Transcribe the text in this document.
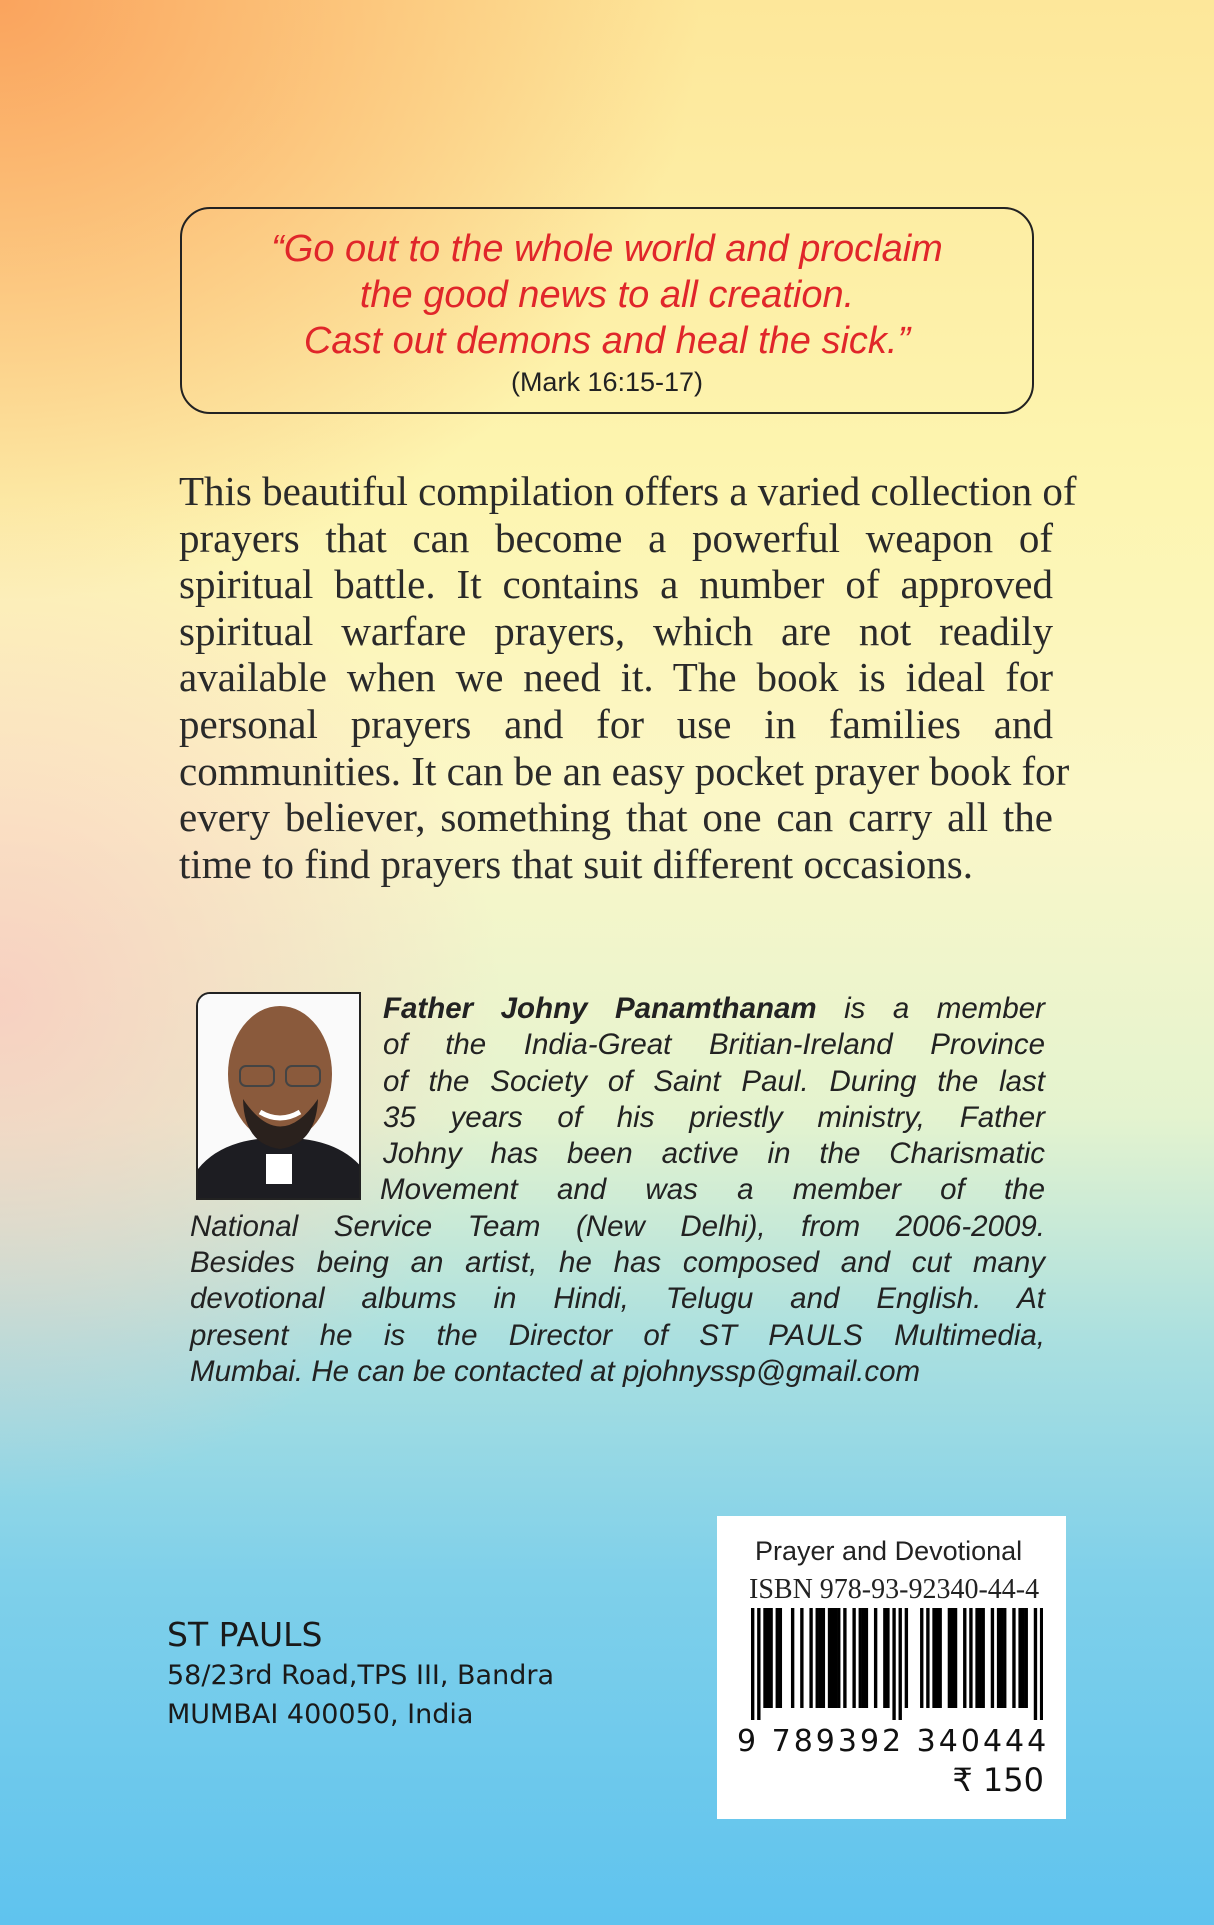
“Go out to the whole world and proclaim
the good news to all creation.
Cast out demons and heal the sick.”
(Mark 16:15-17)
This beautiful compilation offers a varied collection of
prayers that can become a powerful weapon of
spiritual battle. It contains a number of approved
spiritual warfare prayers, which are not readily
available when we need it. The book is ideal for
personal prayers and for use in families and
communities. It can be an easy pocket prayer book for
every believer, something that one can carry all the
time to find prayers that suit different occasions.
Father Johny Panamthanam is a member
of the India-Great Britian-Ireland Province
of the Society of Saint Paul. During the last
35 years of his priestly ministry, Father
Johny has been active in the Charismatic
Movement and was a member of the
National Service Team (New Delhi), from 2006-2009.
Besides being an artist, he has composed and cut many
devotional albums in Hindi, Telugu and English. At
present he is the Director of ST PAULS Multimedia,
Mumbai. He can be contacted at pjohnyssp@gmail.com
ST PAULS
58/23rd Road,TPS III, Bandra
MUMBAI 400050, India
Prayer and Devotional
ISBN 978-93-92340-44-4
9 789392 340444
₹ 150
